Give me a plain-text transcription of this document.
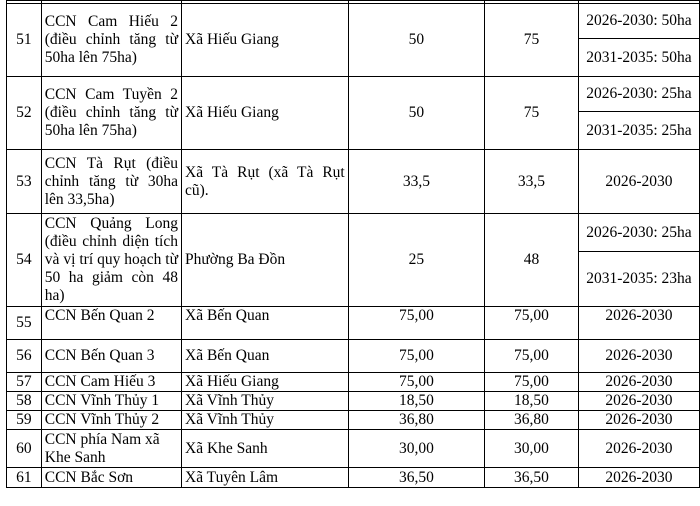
51	CCN Cam Hiếu 2 (điều chỉnh tăng từ 50ha lên 75ha)	Xã Hiếu Giang	50	75	2026-2030: 50ha
					2031-2035: 50ha
52	CCN Cam Tuyền 2 (điều chỉnh tăng từ 50ha lên 75ha)	Xã Hiếu Giang	50	75	2026-2030: 25ha
					2031-2035: 25ha
53	CCN Tà Rụt (điều chỉnh tăng từ 30ha lên 33,5ha)	Xã Tà Rụt (xã Tà Rụt cũ).	33,5	33,5	2026-2030
54	CCN Quảng Long (điều chỉnh diện tích và vị trí quy hoạch từ 50 ha giảm còn 48 ha)	Phường Ba Đồn	25	48	2026-2030: 25ha
					2031-2035: 23ha
55	CCN Bến Quan 2	Xã Bến Quan	75,00	75,00	2026-2030
56	CCN Bến Quan 3	Xã Bến Quan	75,00	75,00	2026-2030
57	CCN Cam Hiếu 3	Xã Hiếu Giang	75,00	75,00	2026-2030
58	CCN Vĩnh Thủy 1	Xã Vĩnh Thủy	18,50	18,50	2026-2030
59	CCN Vĩnh Thủy 2	Xã Vĩnh Thủy	36,80	36,80	2026-2030
60	CCN phía Nam xã Khe Sanh	Xã Khe Sanh	30,00	30,00	2026-2030
61	CCN Bắc Sơn	Xã Tuyên Lâm	36,50	36,50	2026-2030
